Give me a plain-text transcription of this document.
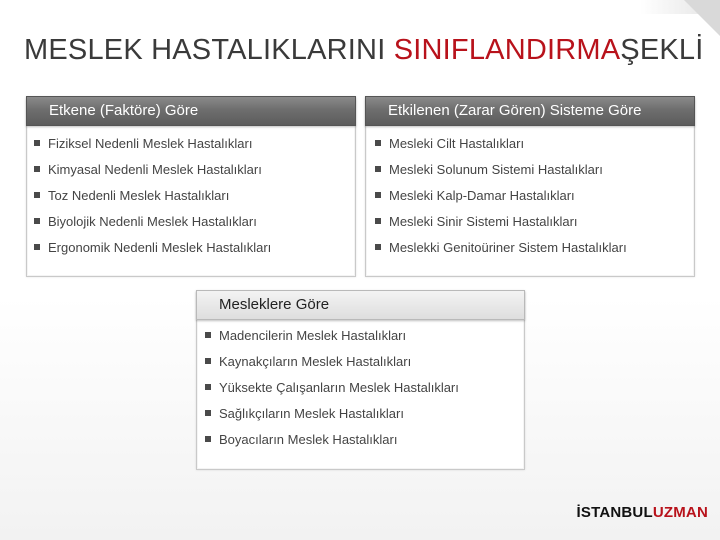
MESLEK HASTALIKLARINI SINIFLANDIRMAŞEKLİ
Etkene (Faktöre) Göre
Fiziksel Nedenli Meslek Hastalıkları
Kimyasal Nedenli Meslek Hastalıkları
Toz Nedenli Meslek Hastalıkları
Biyolojik Nedenli Meslek Hastalıkları
Ergonomik Nedenli Meslek Hastalıkları
Etkilenen (Zarar Gören) Sisteme Göre
Mesleki Cilt Hastalıkları
Mesleki Solunum Sistemi Hastalıkları
Mesleki Kalp-Damar Hastalıkları
Mesleki Sinir Sistemi Hastalıkları
Meslekki Genitoüriner Sistem Hastalıkları
Mesleklere Göre
Madencilerin Meslek Hastalıkları
Kaynakçıların Meslek Hastalıkları
Yüksekte Çalışanların Meslek Hastalıkları
Sağlıkçıların Meslek Hastalıkları
Boyacıların Meslek Hastalıkları
İSTANBULUZMAN
